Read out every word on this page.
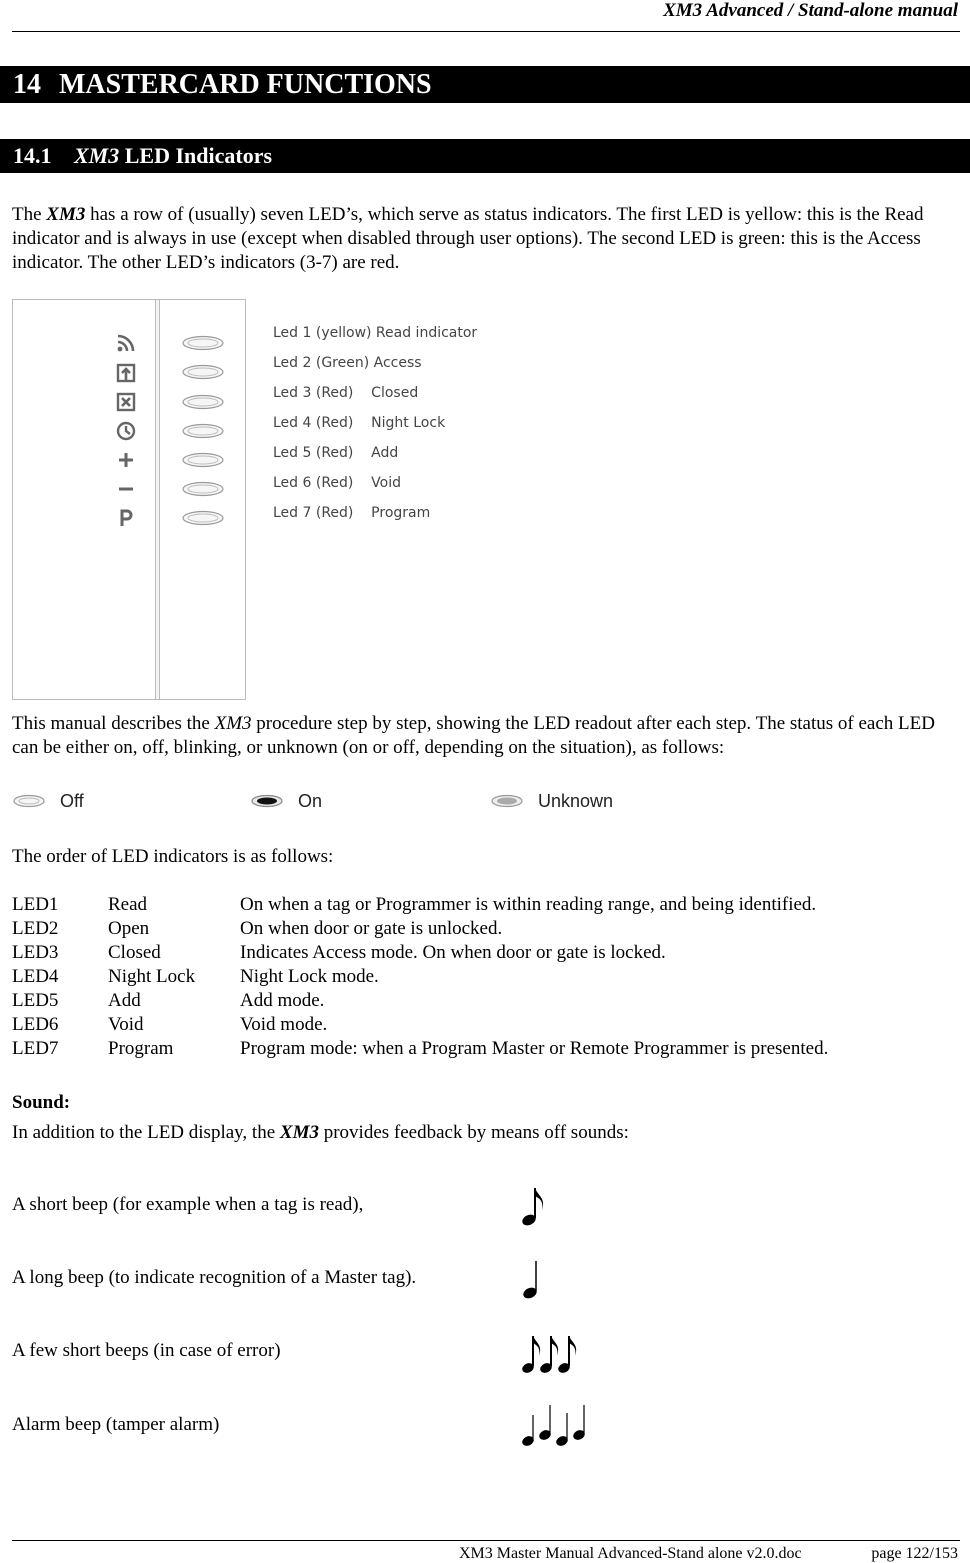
XM3 Advanced / Stand-alone manual
14 MASTERCARD FUNCTIONS
14.1 XM3 LED Indicators
The XM3 has a row of (usually) seven LED’s, which serve as status indicators. The first LED is yellow: this is the Read indicator and is always in use (except when disabled through user options). The second LED is green: this is the Access indicator. The other LED’s indicators (3-7) are red.
Led 1 (yellow) Read indicator
Led 2 (Green) Access
Led 3 (Red)    Closed
Led 4 (Red)    Night Lock
Led 5 (Red)    Add
Led 6 (Red)    Void
Led 7 (Red)    Program
This manual describes the XM3 procedure step by step, showing the LED readout after each step. The status of each LED can be either on, off, blinking, or unknown (on or off, depending on the situation), as follows:
Off	On	Unknown
The order of LED indicators is as follows:
LED1	Read	On when a tag or Programmer is within reading range, and being identified.
LED2	Open	On when door or gate is unlocked.
LED3	Closed	Indicates Access mode. On when door or gate is locked.
LED4	Night Lock	Night Lock mode.
LED5	Add	Add mode.
LED6	Void	Void mode.
LED7	Program	Program mode: when a Program Master or Remote Programmer is presented.
Sound:
In addition to the LED display, the XM3 provides feedback by means off sounds:
A short beep (for example when a tag is read),
A long beep (to indicate recognition of a Master tag).
A few short beeps (in case of error)
Alarm beep (tamper alarm)
XM3 Master Manual Advanced-Stand alone v2.0.doc	page 122/153
